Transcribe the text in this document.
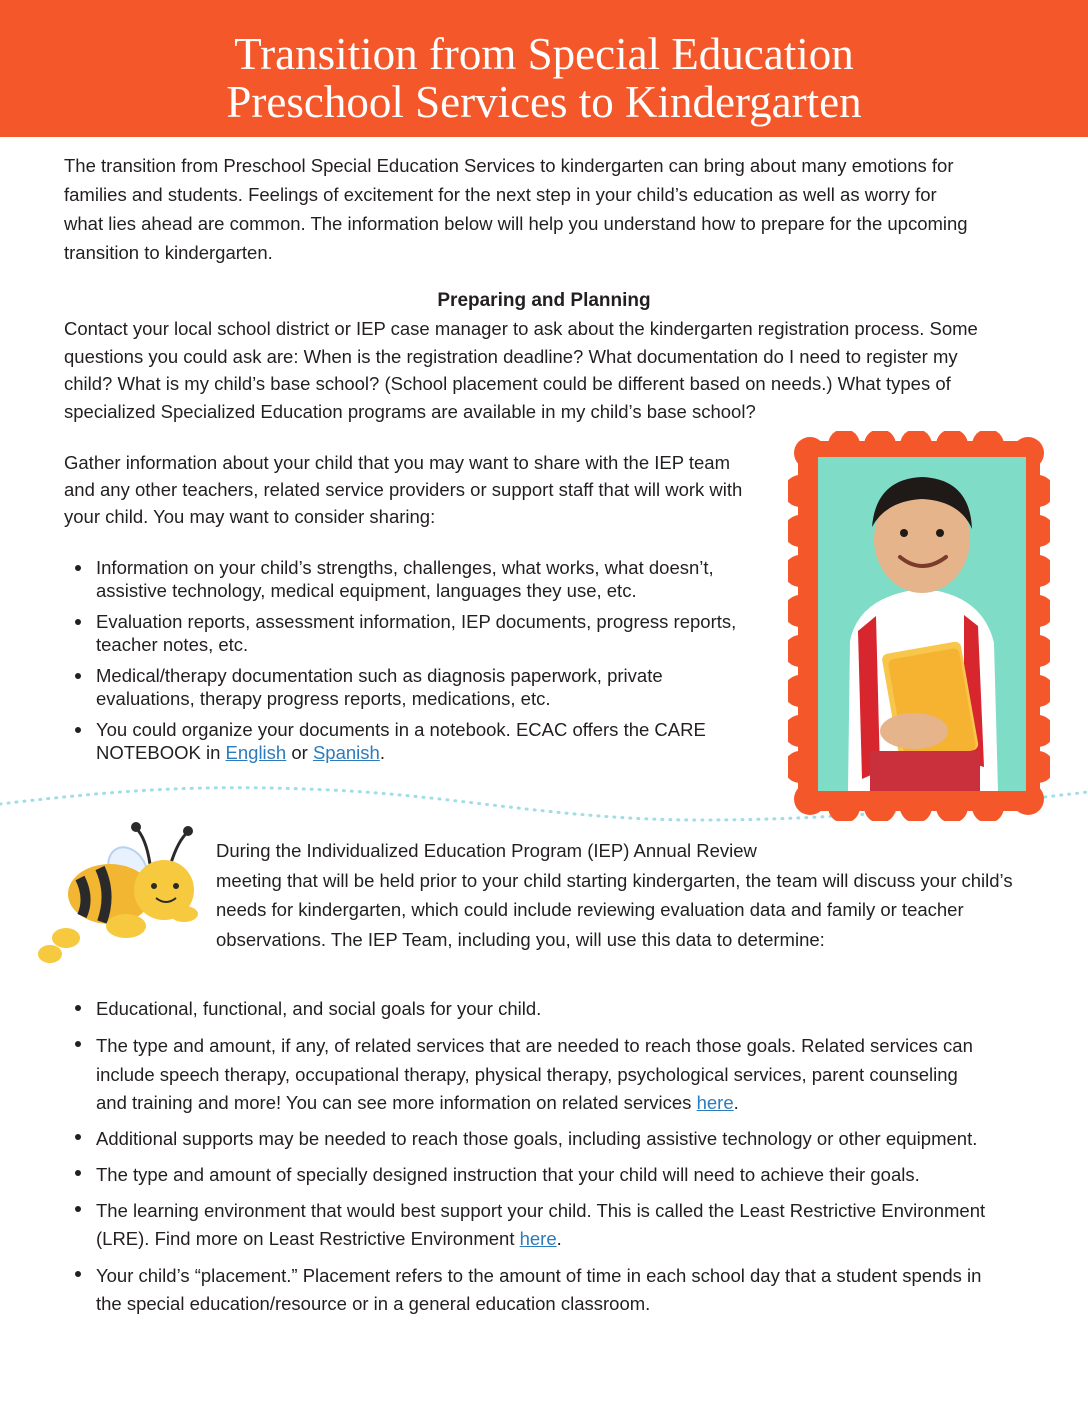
Transition from Special Education
Preschool Services to Kindergarten

The transition from Preschool Special Education Services to kindergarten can bring about many emotions for
families and students. Feelings of excitement for the next step in your child’s education as well as worry for
what lies ahead are common. The information below will help you understand how to prepare for the upcoming
transition to kindergarten.

Preparing and Planning

Contact your local school district or IEP case manager to ask about the kindergarten registration process. Some
questions you could ask are: When is the registration deadline? What documentation do I need to register my
child? What is my child’s base school? (School placement could be different based on needs.) What types of
specialized Specialized Education programs are available in my child’s base school?

Gather information about your child that you may want to share with the IEP team
and any other teachers, related service providers or support staff that will work with
your child. You may want to consider sharing:

Information on your child’s strengths, challenges, what works, what doesn’t,
assistive technology, medical equipment, languages they use, etc.
Evaluation reports, assessment information, IEP documents, progress reports,
teacher notes, etc.
Medical/therapy documentation such as diagnosis paperwork, private
evaluations, therapy progress reports, medications, etc.
You could organize your documents in a notebook. ECAC offers the CARE
NOTEBOOK in English or Spanish.

During the Individualized Education Program (IEP) Annual Review
meeting that will be held prior to your child starting kindergarten, the team will discuss your child’s
needs for kindergarten, which could include reviewing evaluation data and family or teacher
observations. The IEP Team, including you, will use this data to determine:

Educational, functional, and social goals for your child.
The type and amount, if any, of related services that are needed to reach those goals. Related services can
include speech therapy, occupational therapy, physical therapy, psychological services, parent counseling
and training and more! You can see more information on related services here.
Additional supports may be needed to reach those goals, including assistive technology or other equipment.
The type and amount of specially designed instruction that your child will need to achieve their goals.
The learning environment that would best support your child. This is called the Least Restrictive Environment
(LRE). Find more on Least Restrictive Environment here.
Your child’s “placement.” Placement refers to the amount of time in each school day that a student spends in
the special education/resource or in a general education classroom.
